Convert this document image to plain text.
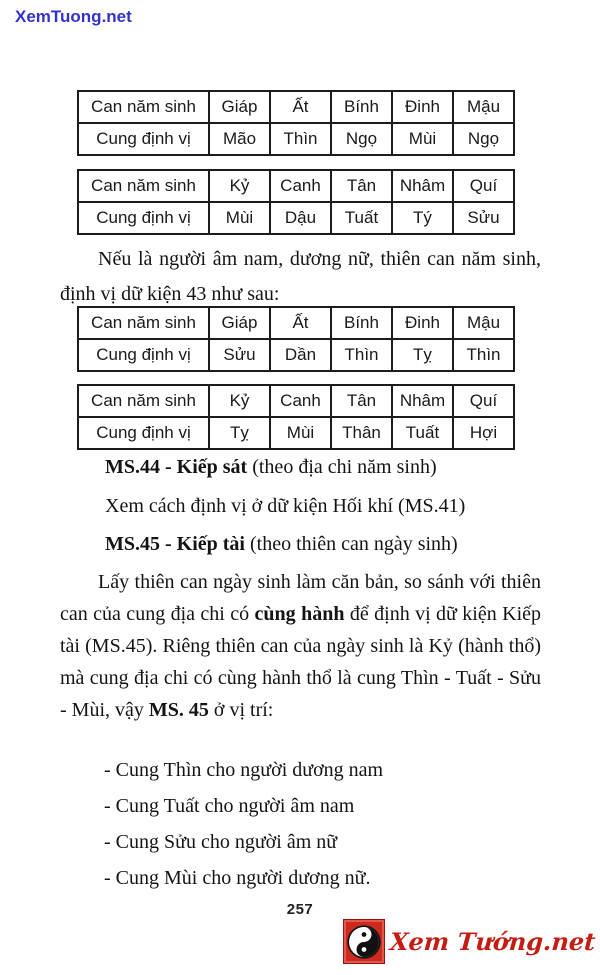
XemTuong.net
Can năm sinh	Giáp	Ất	Bính	Đinh	Mậu
Cung định vị	Mão	Thìn	Ngọ	Mùi	Ngọ
Can năm sinh	Kỷ	Canh	Tân	Nhâm	Quí
Cung định vị	Mùi	Dậu	Tuất	Tý	Sửu

Nếu là người âm nam, dương nữ, thiên can năm sinh, định vị dữ kiện 43 như sau:

Can năm sinh	Giáp	Ất	Bính	Đinh	Mậu
Cung định vị	Sửu	Dần	Thìn	Tỵ	Thìn
Can năm sinh	Kỷ	Canh	Tân	Nhâm	Quí
Cung định vị	Tỵ	Mùi	Thân	Tuất	Hợi

MS.44 - Kiếp sát (theo địa chi năm sinh)

Xem cách định vị ở dữ kiện Hối khí (MS.41)

MS.45 - Kiếp tài (theo thiên can ngày sinh)

Lấy thiên can ngày sinh làm căn bản, so sánh với thiên can của cung địa chi có cùng hành để định vị dữ kiện Kiếp tài (MS.45). Riêng thiên can của ngày sinh là Kỷ (hành thổ) mà cung địa chi có cùng hành thổ là cung Thìn - Tuất - Sửu - Mùi, vậy MS. 45 ở vị trí:

- Cung Thìn cho người dương nam
- Cung Tuất cho người âm nam
- Cung Sửu cho người âm nữ
- Cung Mùi cho người dương nữ.
257
Xem Tướng.net
